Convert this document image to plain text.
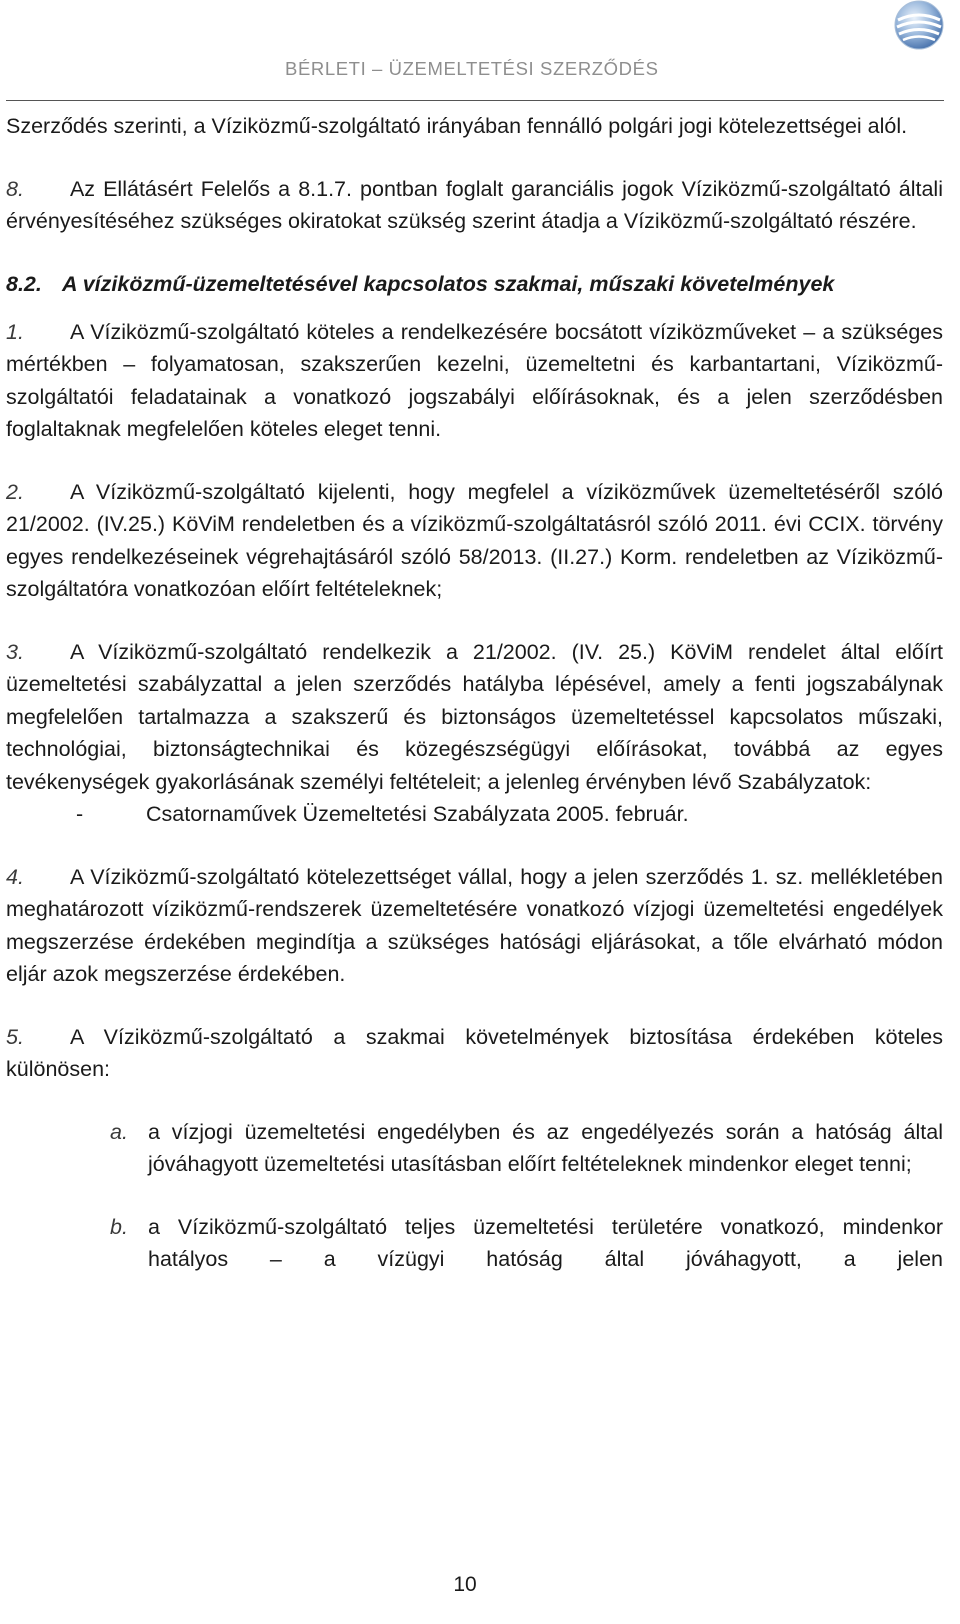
BÉRLETI – ÜZEMELTETÉSI SZERZŐDÉS

Szerződés szerinti, a Víziközmű-szolgáltató irányában fennálló polgári jogi kötelezettségei alól.

8. Az Ellátásért Felelős a 8.1.7. pontban foglalt garanciális jogok Víziközmű-szolgáltató általi érvényesítéséhez szükséges okiratokat szükség szerint átadja a Víziközmű-szolgáltató részére.

8.2. A víziközmű-üzemeltetésével kapcsolatos szakmai, műszaki követelmények

1. A Víziközmű-szolgáltató köteles a rendelkezésére bocsátott víziközműveket – a szükséges mértékben – folyamatosan, szakszerűen kezelni, üzemeltetni és karbantartani, Víziközmű-szolgáltatói feladatainak a vonatkozó jogszabályi előírásoknak, és a jelen szerződésben foglaltaknak megfelelően köteles eleget tenni.

2. A Víziközmű-szolgáltató kijelenti, hogy megfelel a víziközművek üzemeltetéséről szóló 21/2002. (IV.25.) KöViM rendeletben és a víziközmű-szolgáltatásról szóló 2011. évi CCIX. törvény egyes rendelkezéseinek végrehajtásáról szóló 58/2013. (II.27.) Korm. rendeletben az Víziközmű-szolgáltatóra vonatkozóan előírt feltételeknek;

3. A Víziközmű-szolgáltató rendelkezik a 21/2002. (IV. 25.) KöViM rendelet által előírt üzemeltetési szabályzattal a jelen szerződés hatályba lépésével, amely a fenti jogszabálynak megfelelően tartalmazza a szakszerű és biztonságos üzemeltetéssel kapcsolatos műszaki, technológiai, biztonságtechnikai és közegészségügyi előírásokat, továbbá az egyes tevékenységek gyakorlásának személyi feltételeit; a jelenleg érvényben lévő Szabályzatok:

-	Csatornaművek Üzemeltetési Szabályzata 2005. február.

4. A Víziközmű-szolgáltató kötelezettséget vállal, hogy a jelen szerződés 1. sz. mellékletében meghatározott víziközmű-rendszerek üzemeltetésére vonatkozó vízjogi üzemeltetési engedélyek megszerzése érdekében megindítja a szükséges hatósági eljárásokat, a tőle elvárható módon eljár azok megszerzése érdekében.

5. A Víziközmű-szolgáltató a szakmai követelmények biztosítása érdekében köteles különösen:

a. a vízjogi üzemeltetési engedélyben és az engedélyezés során a hatóság által jóváhagyott üzemeltetési utasításban előírt feltételeknek mindenkor eleget tenni;

b. a Víziközmű-szolgáltató teljes üzemeltetési területére vonatkozó, mindenkor hatályos – a vízügyi hatóság által jóváhagyott, a jelen

10
